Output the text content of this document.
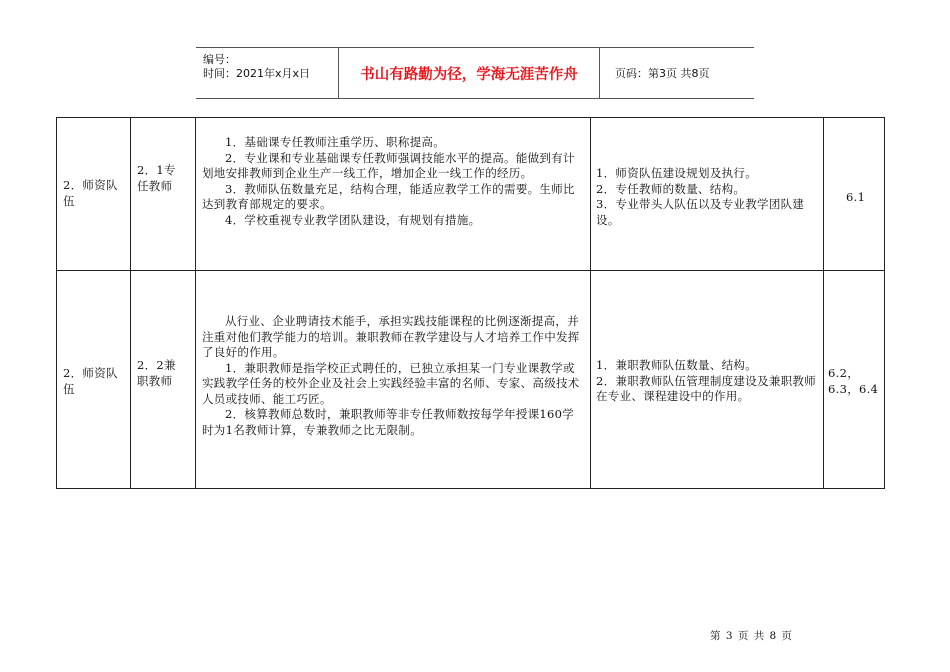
编号：
时间：2021年x月x日	书山有路勤为径，学海无涯苦作舟	页码：第3页 共8页
2．师资队伍
2．1专任教师

1．基础课专任教师注重学历、职称提高。

2．专业课和专业基础课专任教师强调技能水平的提高。能做到有计划地安排教师到企业生产一线工作，增加企业一线工作的经历。

3．教师队伍数量充足，结构合理，能适应教学工作的需要。生师比达到教育部规定的要求。

4．学校重视专业教学团队建设，有规划有措施。

1．师资队伍建设规划及执行。

2．专任教师的数量、结构。

3．专业带头人队伍以及专业教学团队建设。

6.1
2．师资队伍
2．2兼职教师

从行业、企业聘请技术能手，承担实践技能课程的比例逐渐提高，并注重对他们教学能力的培训。兼职教师在教学建设与人才培养工作中发挥了良好的作用。

1．兼职教师是指学校正式聘任的，已独立承担某一门专业课教学或实践教学任务的校外企业及社会上实践经验丰富的名师、专家、高级技术人员或技师、能工巧匠。

2．核算教师总数时，兼职教师等非专任教师数按每学年授课160学时为1名教师计算，专兼教师之比无限制。

1．兼职教师队伍数量、结构。

2．兼职教师队伍管理制度建设及兼职教师在专业、课程建设中的作用。

6.2，6.3，6.4
第 3 页 共 8 页
